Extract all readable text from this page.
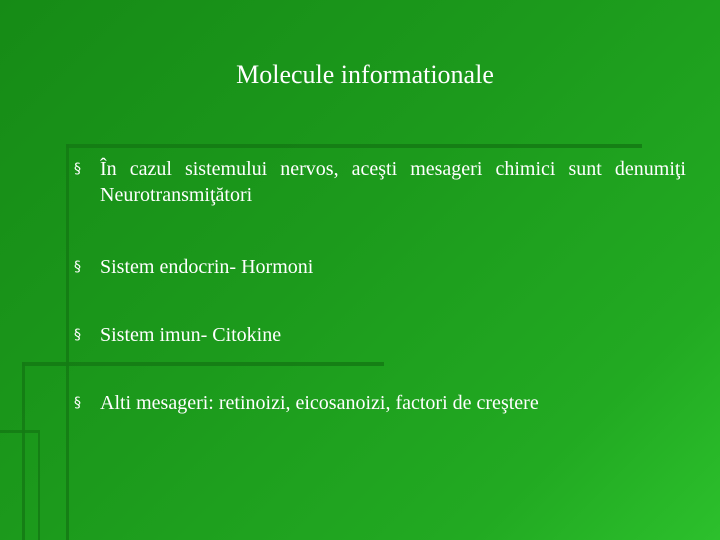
Molecule informationale
§ În cazul sistemului nervos, aceşti mesageri chimici sunt denumiţi Neurotransmiţători
§ Sistem endocrin- Hormoni
§ Sistem imun- Citokine
§ Alti mesageri: retinoizi, eicosanoizi, factori de creştere
